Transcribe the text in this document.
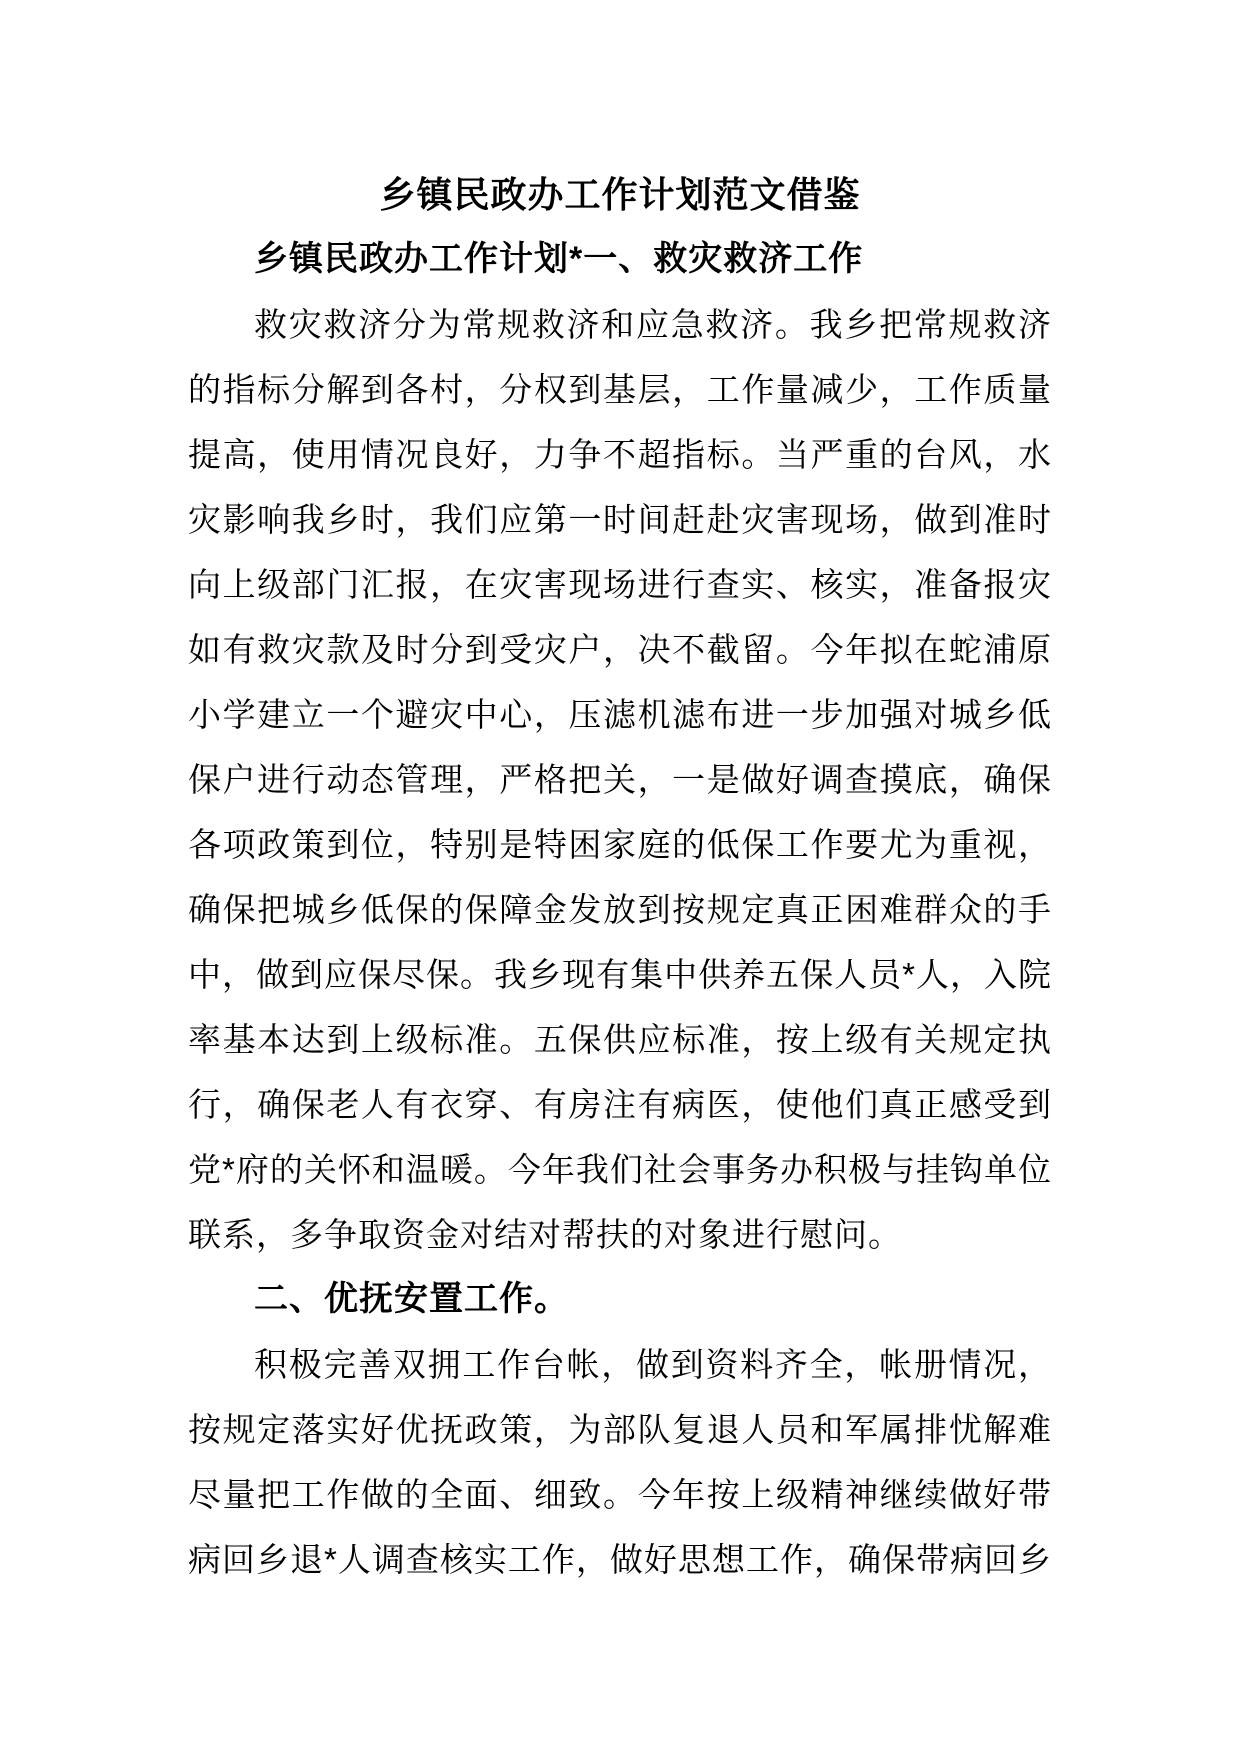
乡镇民政办工作计划范文借鉴
乡镇民政办工作计划*一、救灾救济工作
救灾救济分为常规救济和应急救济。我乡把常规救济
的指标分解到各村，分权到基层，工作量减少，工作质量
提高，使用情况良好，力争不超指标。当严重的台风，水
灾影响我乡时，我们应第一时间赶赴灾害现场，做到准时
向上级部门汇报，在灾害现场进行查实、核实，准备报灾
如有救灾款及时分到受灾户，决不截留。今年拟在蛇浦原
小学建立一个避灾中心，压滤机滤布进一步加强对城乡低
保户进行动态管理，严格把关，一是做好调查摸底，确保
各项政策到位，特别是特困家庭的低保工作要尤为重视，
确保把城乡低保的保障金发放到按规定真正困难群众的手
中，做到应保尽保。我乡现有集中供养五保人员*人，入院
率基本达到上级标准。五保供应标准，按上级有关规定执
行，确保老人有衣穿、有房注有病医，使他们真正感受到
党*府的关怀和温暖。今年我们社会事务办积极与挂钩单位
联系，多争取资金对结对帮扶的对象进行慰问。
二、优抚安置工作。
积极完善双拥工作台帐，做到资料齐全，帐册情况，
按规定落实好优抚政策，为部队复退人员和军属排忧解难
尽量把工作做的全面、细致。今年按上级精神继续做好带
病回乡退*人调查核实工作，做好思想工作，确保带病回乡
